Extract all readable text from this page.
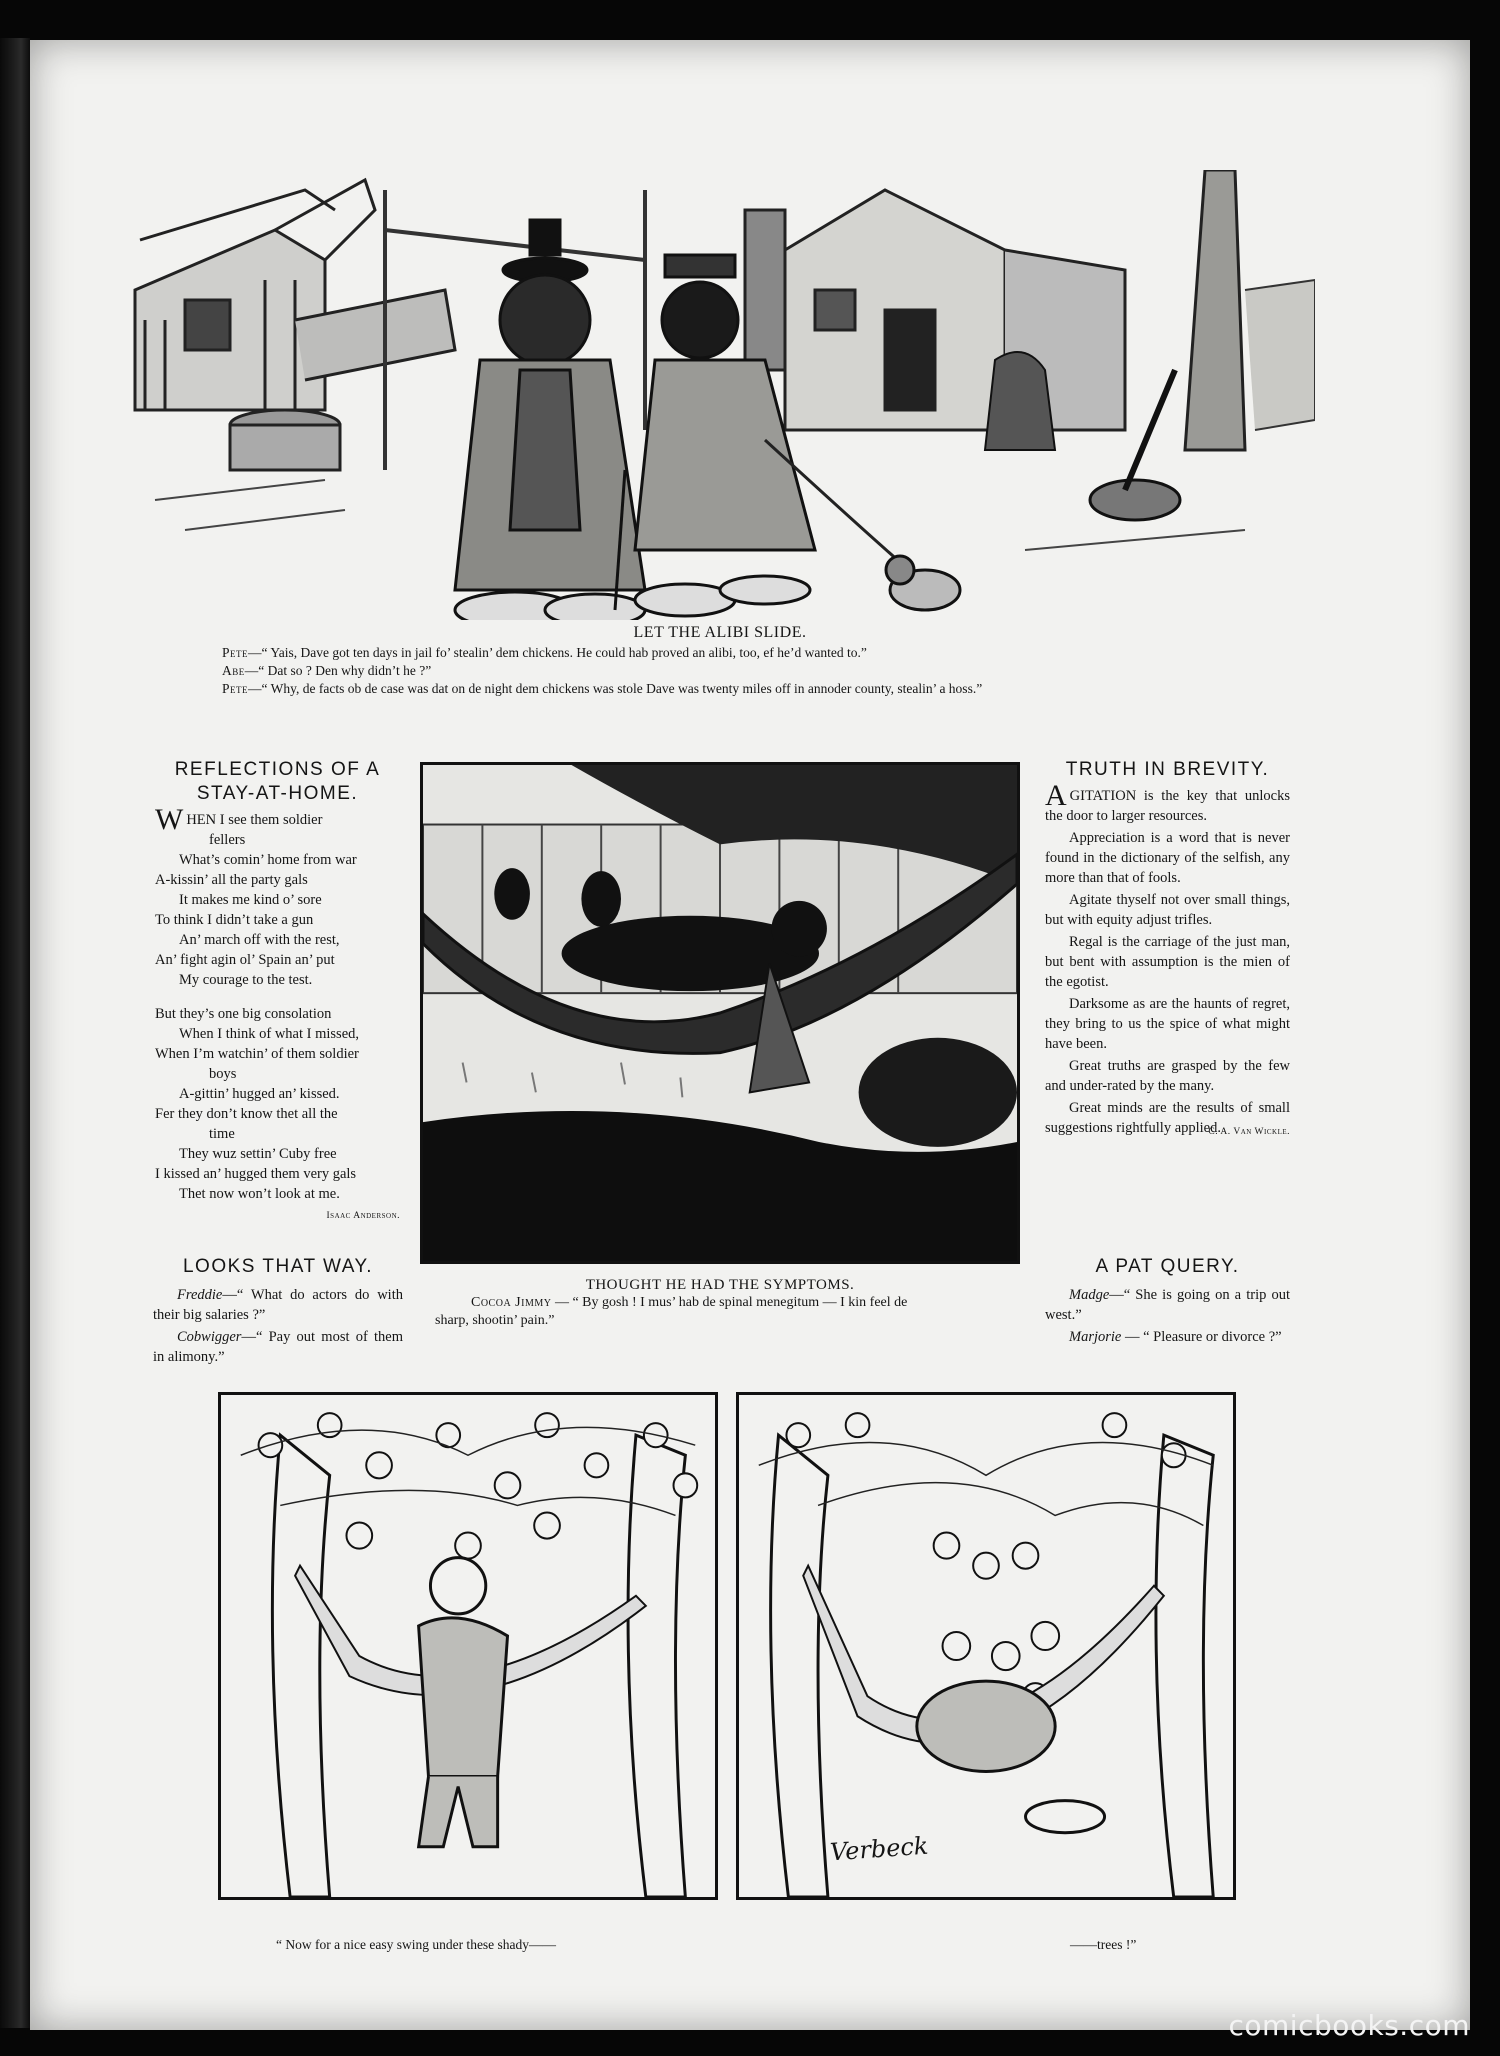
LET THE ALIBI SLIDE.
Pete—“ Yais, Dave got ten days in jail fo’ stealin’ dem chickens. He could hab proved an alibi, too, ef he’d wanted to.”
Abe—“ Dat so ? Den why didn’t he ?”
Pete—“ Why, de facts ob de case was dat on de night dem chickens was stole Dave was twenty miles off in annoder county, stealin’ a hoss.”
REFLECTIONS OF A
STAY-AT-HOME.
WHEN I see them soldier
fellers
What’s comin’ home from war
A-kissin’ all the party gals
It makes me kind o’ sore
To think I didn’t take a gun
An’ march off with the rest,
An’ fight agin ol’ Spain an’ put
My courage to the test.
But they’s one big consolation
When I think of what I missed,
When I’m watchin’ of them soldier
boys
A-gittin’ hugged an’ kissed.
Fer they don’t know thet all the
time
They wuz settin’ Cuby free
I kissed an’ hugged them very gals
Thet now won’t look at me.
Isaac Anderson.
LOOKS THAT WAY.

Freddie—“ What do actors do with their big salaries ?”

Cobwigger—“ Pay out most of them in alimony.”

THOUGHT HE HAD THE SYMPTOMS.
Cocoa Jimmy — “ By gosh ! I mus’ hab de spinal menegitum — I kin feel de
sharp, shootin’ pain.”
TRUTH IN BREVITY.

AGITATION is the key that unlocks the door to larger resources.

Appreciation is a word that is never found in the dictionary of the selfish, any more than that of fools.

Agitate thyself not over small things, but with equity adjust trifles.

Regal is the carriage of the just man, but bent with assumption is the mien of the egotist.

Darksome as are the haunts of regret, they bring to us the spice of what might have been.

Great truths are grasped by the few and under-rated by the many.

Great minds are the results of small suggestions rightfully applied.

C. A. Van Wickle.
A PAT QUERY.

Madge—“ She is going on a trip out west.”

Marjorie — “ Pleasure or divorce ?”

Verbeck
“ Now for a nice easy swing under these shady——	——trees !”
comicbooks.com
